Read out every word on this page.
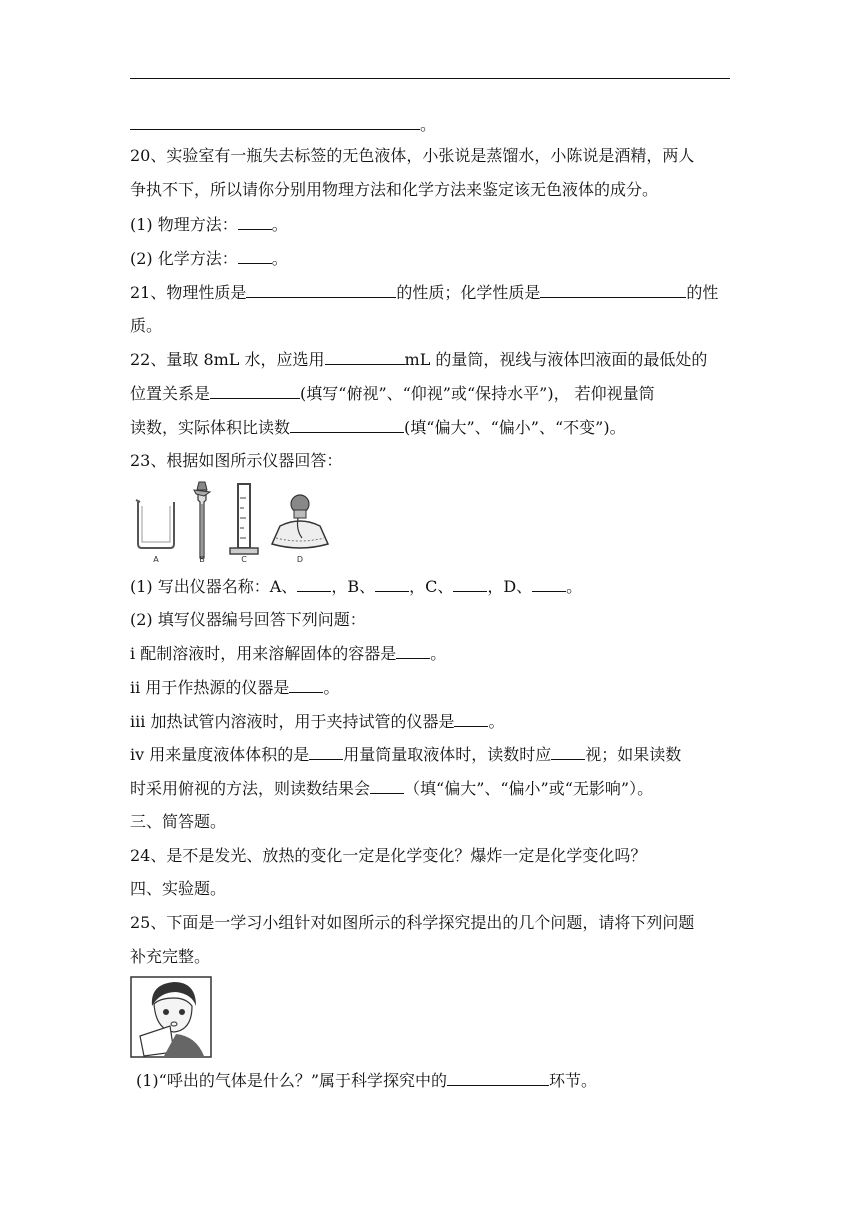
。
20、实验室有一瓶失去标签的无色液体，小张说是蒸馏水，小陈说是酒精，两人
争执不下，所以请你分别用物理方法和化学方法来鉴定该无色液体的成分。
(1) 物理方法： 。
(2) 化学方法： 。
21、物理性质是	的性质；化学性质是	的性
质。
22、量取 8mL 水，应选用	mL 的量筒，视线与液体凹液面的最低处的
位置关系是	(填写“俯视”、“仰视”或“保持水平”)， 若仰视量筒
读数，实际体积比读数	(填“偏大”、“偏小”、“不变”)。
23、根据如图所示仪器回答：
A	B	C	D
(1) 写出仪器名称：A、 ，B、 ，C、 ，D、 。
(2) 填写仪器编号回答下列问题：
i 配制溶液时，用来溶解固体的容器是 。
ii 用于作热源的仪器是 。
iii 加热试管内溶液时，用于夹持试管的仪器是 。
iv 用来量度液体体积的是 用量筒量取液体时，读数时应 视；如果读数
时采用俯视的方法，则读数结果会 （填“偏大”、“偏小”或“无影响”）。
三、简答题。
24、是不是发光、放热的变化一定是化学变化？爆炸一定是化学变化吗？
四、实验题。
25、下面是一学习小组针对如图所示的科学探究提出的几个问题，请将下列问题
补充完整。
(1)“呼出的气体是什么？”属于科学探究中的	环节。
